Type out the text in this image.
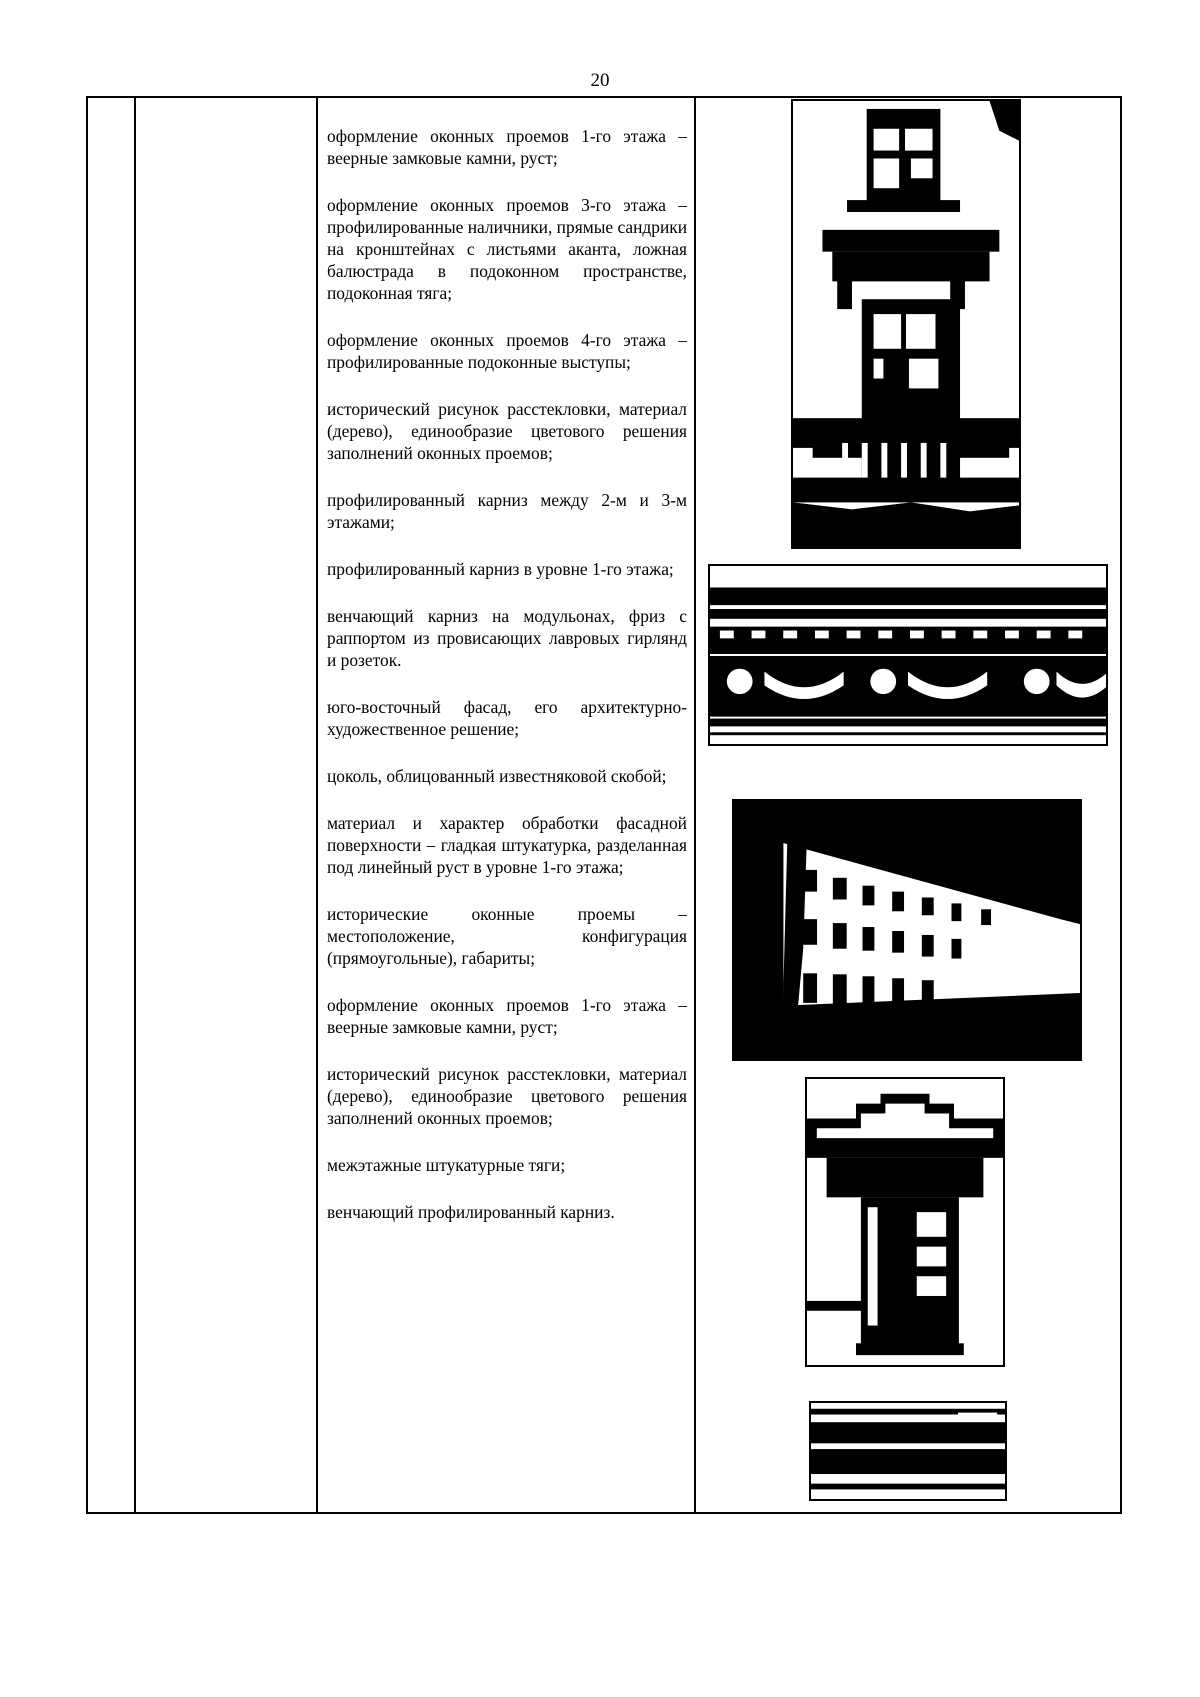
20

оформление оконных проемов 1-го этажа – веерные замковые камни, руст;

оформление оконных проемов 3-го этажа – профилированные наличники, прямые сандрики на кронштейнах с листьями аканта, ложная балюстрада в подоконном пространстве, подоконная тяга;

оформление оконных проемов 4-го этажа – профилированные подоконные выступы;

исторический рисунок расстекловки, материал (дерево), единообразие цветового решения заполнений оконных проемов;

профилированный карниз между 2-м и 3-м этажами;

профилированный карниз в уровне 1-го этажа;

венчающий карниз на модульонах, фриз с раппортом из провисающих лавровых гирлянд и розеток.

юго-восточный фасад, его архитектурно-художественное решение;

цоколь, облицованный известняковой скобой;

материал и характер обработки фасадной поверхности – гладкая штукатурка, разделанная под линейный руст в уровне 1-го этажа;

исторические оконные проемы – местоположение, конфигурация (прямоугольные), габариты;

оформление оконных проемов 1-го этажа – веерные замковые камни, руст;

исторический рисунок расстекловки, материал (дерево), единообразие цветового решения заполнений оконных проемов;

межэтажные штукатурные тяги;

венчающий профилированный карниз.
